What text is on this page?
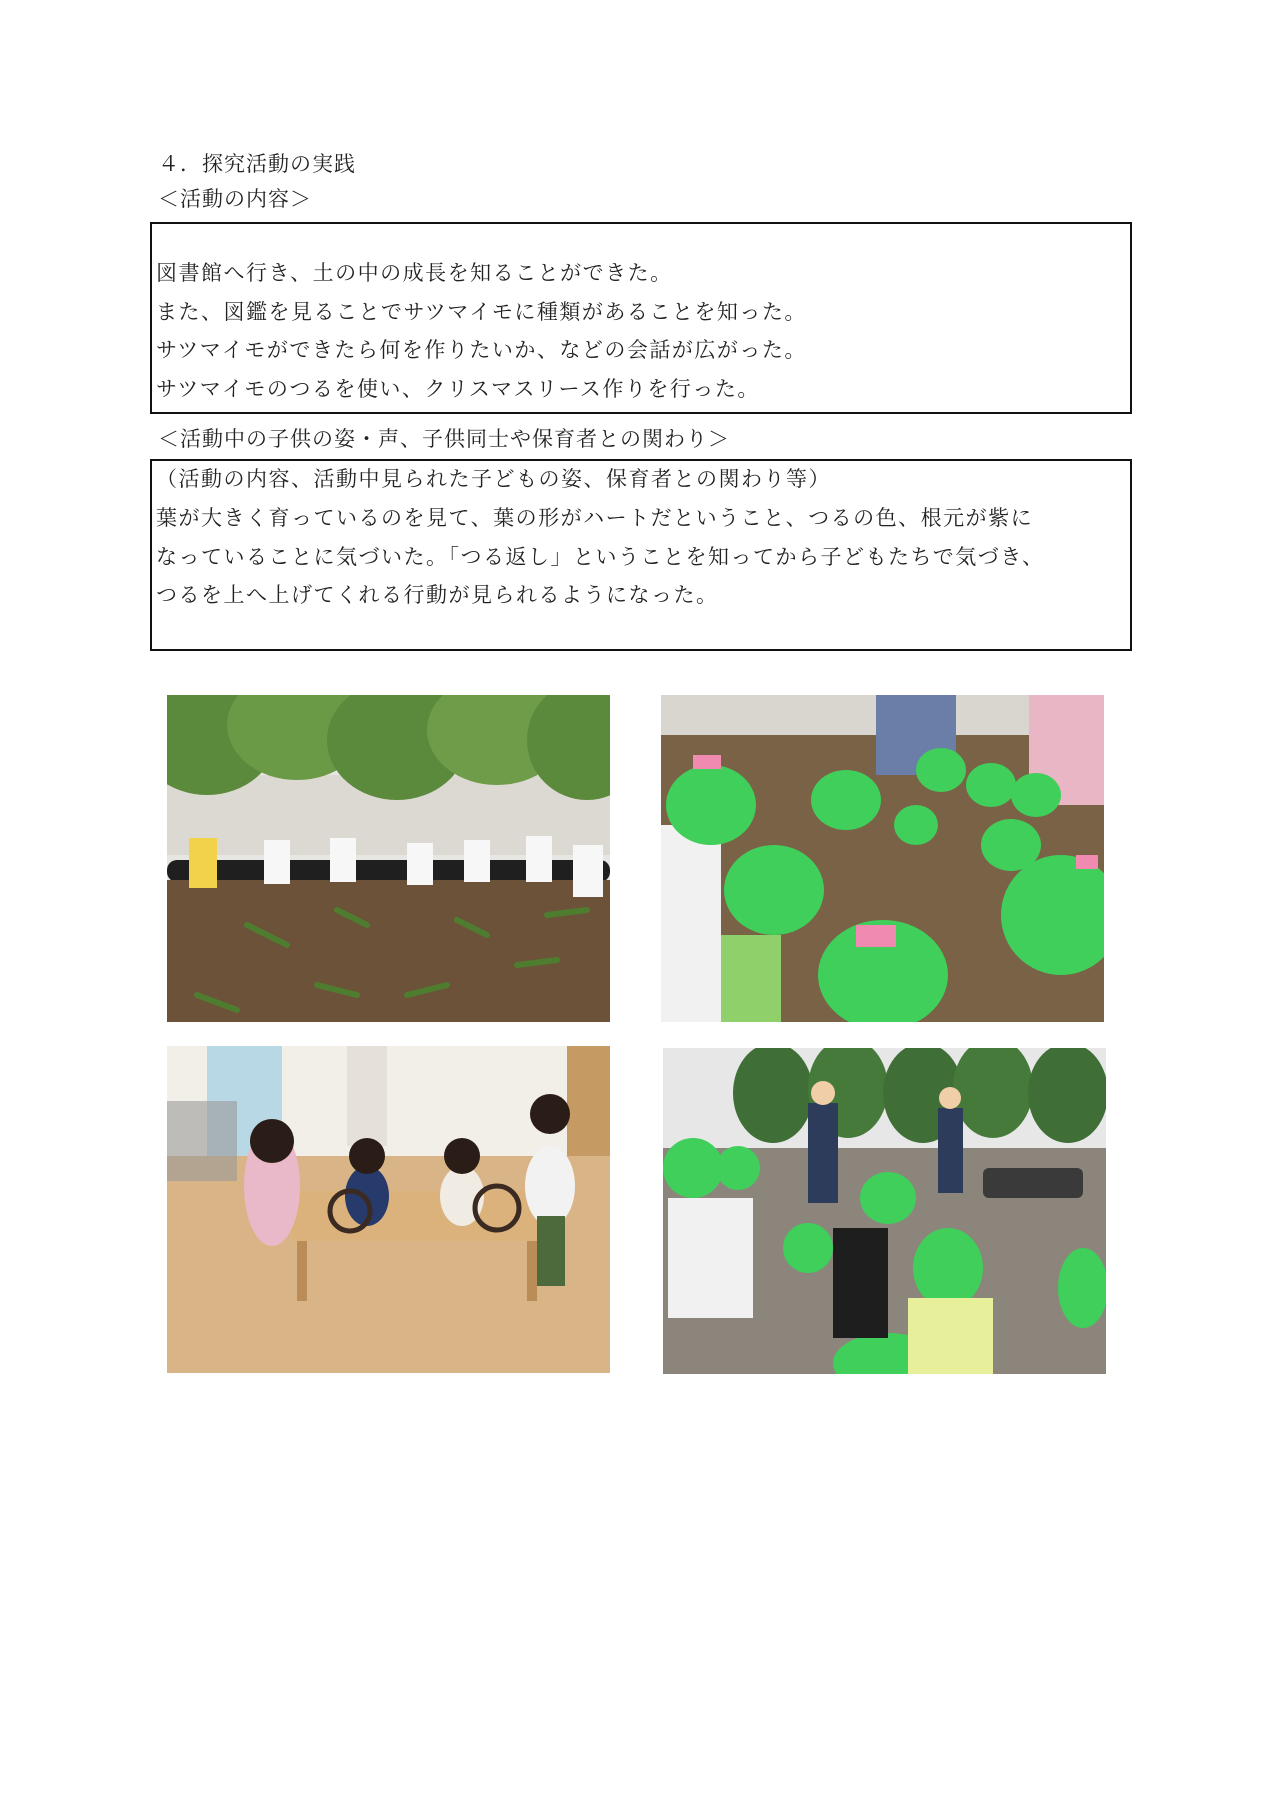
４．探究活動の実践
＜活動の内容＞
図書館へ行き、土の中の成長を知ることができた。
また、図鑑を見ることでサツマイモに種類があることを知った。
サツマイモができたら何を作りたいか、などの会話が広がった。
サツマイモのつるを使い、クリスマスリース作りを行った。
＜活動中の子供の姿・声、子供同士や保育者との関わり＞
（活動の内容、活動中見られた子どもの姿、保育者との関わり等）
葉が大きく育っているのを見て、葉の形がハートだということ、つるの色、根元が紫に
なっていることに気づいた。「つる返し」ということを知ってから子どもたちで気づき、
つるを上へ上げてくれる行動が見られるようになった。
